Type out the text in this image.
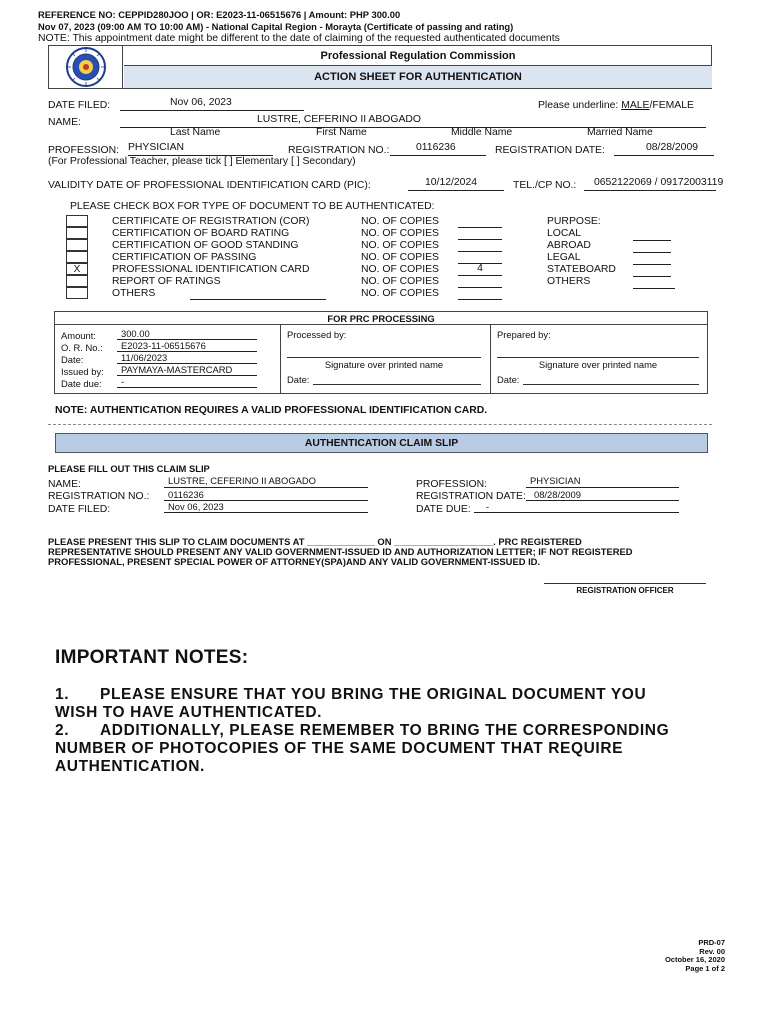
REFERENCE NO: CEPPID280JOO | OR: E2023-11-06515676 | Amount: PHP 300.00
Nov 07, 2023 (09:00 AM TO 10:00 AM) - National Capital Region - Morayta (Certificate of passing and rating)
NOTE: This appointment date might be different to the date of claiming of the requested authenticated documents
Professional Regulation Commission
ACTION SHEET FOR AUTHENTICATION
DATE FILED:	Nov 06, 2023	Please underline: MALE/FEMALE
NAME:	LUSTRE, CEFERINO II ABOGADO
Last Name	First Name	Middle Name	Married Name
PROFESSION: PHYSICIAN	REGISTRATION NO.:	0116236	REGISTRATION DATE:	08/28/2009
(For Professional Teacher, please tick [ ] Elementary [ ] Secondary)
VALIDITY DATE OF PROFESSIONAL IDENTIFICATION CARD (PIC):	10/12/2024	TEL./CP NO.:	0652122069 / 09172003119
PLEASE CHECK BOX FOR TYPE OF DOCUMENT TO BE AUTHENTICATED:
CERTIFICATE OF REGISTRATION (COR)	NO. OF COPIES
CERTIFICATION OF BOARD RATING	NO. OF COPIES
CERTIFICATION OF GOOD STANDING	NO. OF COPIES
CERTIFICATION OF PASSING	NO. OF COPIES
X	PROFESSIONAL IDENTIFICATION CARD	NO. OF COPIES	4
REPORT OF RATINGS	NO. OF COPIES
OTHERS	NO. OF COPIES
PURPOSE:
LOCAL
ABROAD
LEGAL
STATEBOARD
OTHERS
FOR PRC PROCESSING
Amount:	300.00
O. R. No.:	E2023-11-06515676
Date:	11/06/2023
Issued by:	PAYMAYA-MASTERCARD
Date due:	-
Processed by:
Signature over printed name
Date:
Prepared by:
Signature over printed name
Date:
NOTE: AUTHENTICATION REQUIRES A VALID PROFESSIONAL IDENTIFICATION CARD.
AUTHENTICATION CLAIM SLIP
PLEASE FILL OUT THIS CLAIM SLIP
NAME:	LUSTRE, CEFERINO II ABOGADO
REGISTRATION NO.:	0116236
DATE FILED:	Nov 06, 2023
PROFESSION:	PHYSICIAN
REGISTRATION DATE: 08/28/2009
DATE DUE:	-
PLEASE PRESENT THIS SLIP TO CLAIM DOCUMENTS AT _____________ ON ___________________. PRC REGISTERED
REPRESENTATIVE SHOULD PRESENT ANY VALID GOVERNMENT-ISSUED ID AND AUTHORIZATION LETTER; IF NOT REGISTERED
PROFESSIONAL, PRESENT SPECIAL POWER OF ATTORNEY(SPA)AND ANY VALID GOVERNMENT-ISSUED ID.
REGISTRATION OFFICER
IMPORTANT NOTES:
1. PLEASE ENSURE THAT YOU BRING THE ORIGINAL DOCUMENT YOU
WISH TO HAVE AUTHENTICATED.
2. ADDITIONALLY, PLEASE REMEMBER TO BRING THE CORRESPONDING
NUMBER OF PHOTOCOPIES OF THE SAME DOCUMENT THAT REQUIRE
AUTHENTICATION.
PRD-07
Rev. 00
October 16, 2020
Page 1 of 2
